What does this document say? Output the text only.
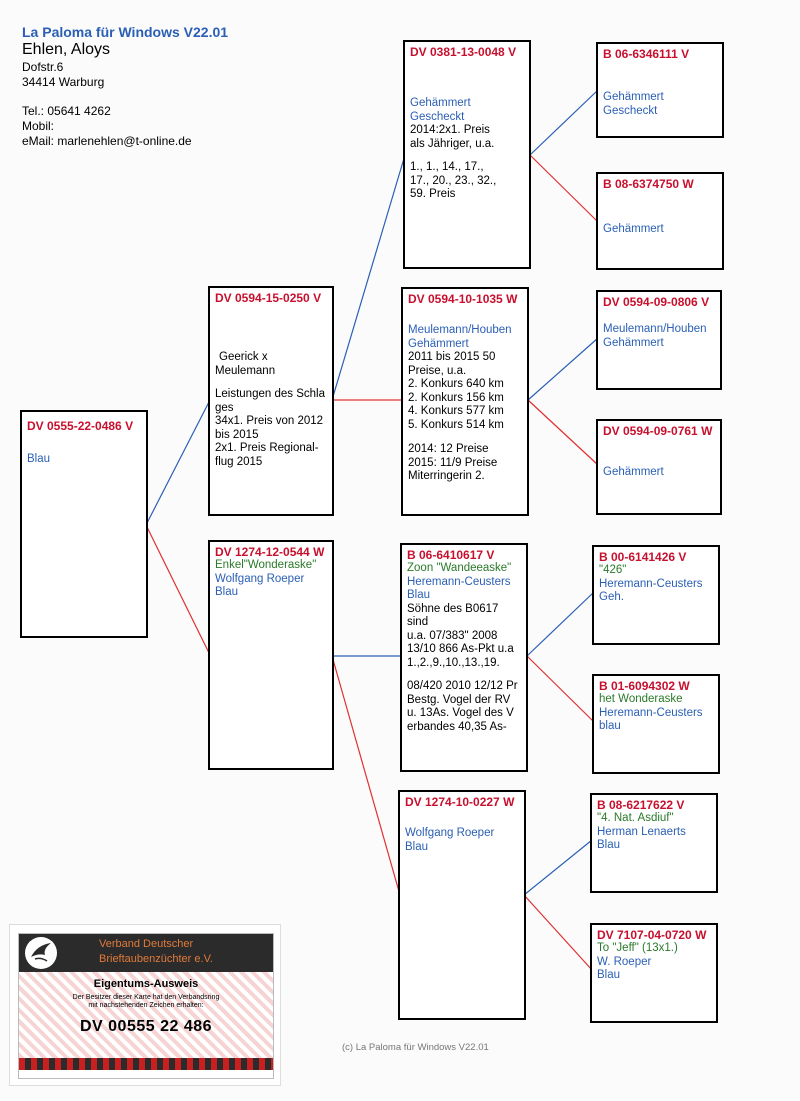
La Paloma für Windows V22.01
Ehlen, Aloys
Dofstr.6
34414 Warburg
Tel.: 05641 4262
Mobil:
eMail: marlenehlen@t-online.de
DV 0555-22-0486 V
Blau
DV 0594-15-0250 V
Geerick x
Meulemann
Leistungen des Schla
ges
34x1. Preis von 2012
bis 2015
2x1. Preis Regional-
flug 2015
DV 1274-12-0544 W
Enkel"Wonderaske"
Wolfgang Roeper
Blau
DV 0381-13-0048 V
Gehämmert
Gescheckt
2014:2x1. Preis
als Jähriger, u.a.
1., 1., 14., 17.,
17., 20., 23., 32.,
59. Preis
DV 0594-10-1035 W
Meulemann/Houben
Gehämmert
2011 bis 2015 50
Preise, u.a.
2. Konkurs 640 km
2. Konkurs 156 km
4. Konkurs 577 km
5. Konkurs 514 km
2014: 12 Preise
2015: 11/9 Preise
Miterringerin 2.
B 06-6410617 V
Zoon "Wandeeaske"
Heremann-Ceusters
Blau
Söhne des B0617
sind
u.a. 07/383" 2008
13/10 866 As-Pkt u.a
1.,2.,9.,10.,13.,19.
08/420 2010 12/12 Pr
Bestg. Vogel der RV
u. 13As. Vogel des V
erbandes 40,35 As-
DV 1274-10-0227 W
Wolfgang Roeper
Blau
B 06-6346111 V
Gehämmert
Gescheckt
B 08-6374750 W
Gehämmert
DV 0594-09-0806 V
Meulemann/Houben
Gehämmert
DV 0594-09-0761 W
Gehämmert
B 00-6141426 V
"426"
Heremann-Ceusters
Geh.
B 01-6094302 W
het Wonderaske
Heremann-Ceusters
blau
B 08-6217622 V
"4. Nat. Asdiuf"
Herman Lenaerts
Blau
DV 7107-04-0720 W
To "Jeff" (13x1.)
W. Roeper
Blau
(c) La Paloma für Windows V22.01
Verband Deutscher
Brieftaubenzüchter e.V.
Eigentums-Ausweis
Der Besitzer dieser Karte hat den Verbandsring
mit nachstehenden Zeichen erhalten:
DV 00555 22 486
